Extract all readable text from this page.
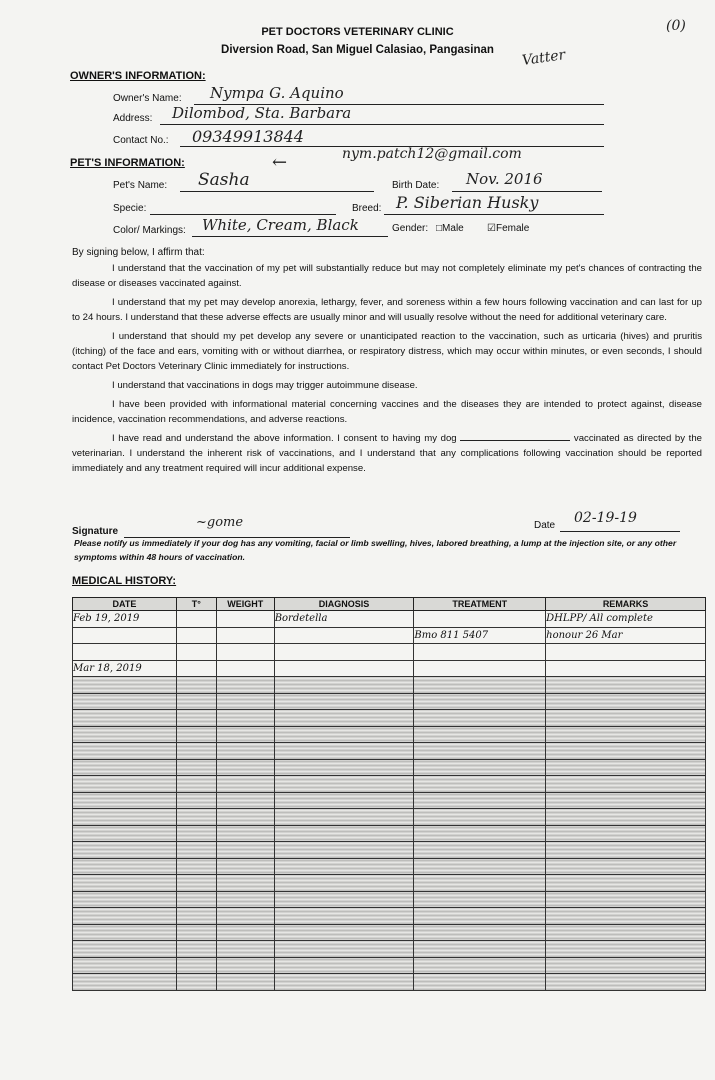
PET DOCTORS VETERINARY CLINIC
Diversion Road, San Miguel Calasiao, Pangasinan	Vatter
(0)
OWNER'S INFORMATION:
Owner's Name: Nympa G. Aquino
Address: Dilombod, Sta. Barbara
Contact No.: 09349913844
←	nym.patch12@gmail.com
PET'S INFORMATION:
Pet's Name: Sasha	Birth Date: Nov. 2016
Specie:	Breed: P. Siberian Husky
Color/ Markings: White, Cream, Black	Gender: □Male ☑Female
By signing below, I affirm that:

I understand that the vaccination of my pet will substantially reduce but may not completely eliminate my pet's chances of contracting the disease or diseases vaccinated against.

I understand that my pet may develop anorexia, lethargy, fever, and soreness within a few hours following vaccination and can last for up to 24 hours. I understand that these adverse effects are usually minor and will usually resolve without the need for additional veterinary care.

I understand that should my pet develop any severe or unanticipated reaction to the vaccination, such as urticaria (hives) and pruritis (itching) of the face and ears, vomiting with or without diarrhea, or respiratory distress, which may occur within minutes, or even seconds, I should contact Pet Doctors Veterinary Clinic immediately for instructions.

I understand that vaccinations in dogs may trigger autoimmune disease.

I have been provided with informational material concerning vaccines and the diseases they are intended to protect against, disease incidence, vaccination recommendations, and adverse reactions.

I have read and understand the above information. I consent to having my dog	vaccinated as directed by the veterinarian. I understand the inherent risk of vaccinations, and I understand that any complications following vaccination should be reported immediately and any treatment required will incur additional expense.

Signature
~gome	Date 02-19-19
Please notify us immediately if your dog has any vomiting, facial or limb swelling, hives, labored breathing, a lump at the injection site, or any other symptoms within 48 hours of vaccination.
MEDICAL HISTORY:
DATE	T°	WEIGHT	DIAGNOSIS	TREATMENT	REMARKS
Feb 19, 2019			Bordetella		DHLPP/ All complete
				Bmo 811 5407	honour 26 Mar

Mar 18, 2019					
